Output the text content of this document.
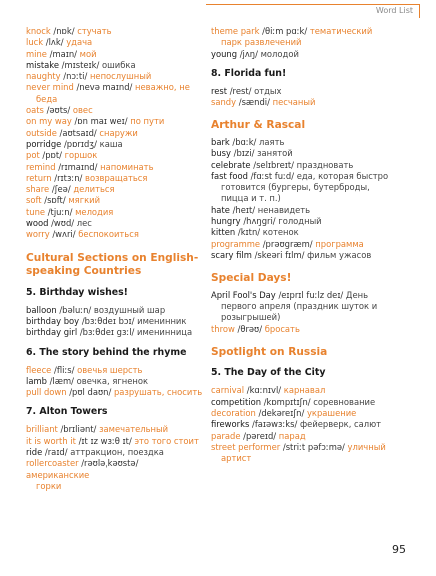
Word List
knock /nɒk/ стучать
luck /lʌk/ удача
mine /maɪn/ мой
mistake /mɪsteɪk/ ошибка
naughty /nɔːti/ непослушный
never mind /nevə maɪnd/ неважно, не
беда
oats /əʊts/ овес
on my way /ɒn maɪ weɪ/ по пути
outside /aʊtsaɪd/ снаружи
porridge /pɒrɪdʒ/ каша
pot /pɒt/ горшок
remind /rɪmaɪnd/ напоминать
return /rɪtɜːn/ возвращаться
share /ʃeə/ делиться
soft /sɒft/ мягкий
tune /tjuːn/ мелодия
wood /wʊd/ лес
worry /wʌri/ беспокоиться
Cultural Sections on English-speaking Countries
5. Birthday wishes!
balloon /bəluːn/ воздушный шар
birthday boy /bɜːθdeɪ bɔɪ/ именинник
birthday girl /bɜːθdeɪ gɜːl/ именинница
6. The story behind the rhyme
fleece /fliːs/ овечья шерсть
lamb /læm/ овечка, ягненок
pull down /pʊl daʊn/ разрушать, сносить
7. Alton Towers
brilliant /brɪliənt/ замечательный
it is worth it /ɪt ɪz wɜːθ ɪt/ это того стоит
ride /raɪd/ аттракцион, поездка
rollercoaster /rəʊləˌkəʊstə/ американские
горки
theme park /θiːm pɑːk/ тематический
парк развлечений
young /jʌŋ/ молодой
8. Florida fun!
rest /rest/ отдых
sandy /sændi/ песчаный
Arthur & Rascal
bark /bɑːk/ лаять
busy /bɪzi/ занятой
celebrate /selɪbreɪt/ праздновать
fast food /fɑːst fuːd/ еда, которая быстро
готовится (бургеры, бутерброды,
пицца и т. п.)
hate /heɪt/ ненавидеть
hungry /hʌŋgri/ голодный
kitten /kɪtn/ котенок
programme /prəʊgræm/ программа
scary film /skeəri fɪlm/ фильм ужасов
Special Days!
April Fool's Day /eɪprɪl fuːlz deɪ/ День
первого апреля (праздник шуток и
розыгрышей)
throw /θrəʊ/ бросать
Spotlight on Russia
5. The Day of the City
carnival /kɑːnɪvl/ карнавал
competition /kɒmpɪtɪʃn/ соревнование
decoration /dekəreɪʃn/ украшение
fireworks /faɪəwɜːks/ фейерверк, салют
parade /pəreɪd/ парад
street performer /striːt pəfɔːmə/ уличный
артист
95
